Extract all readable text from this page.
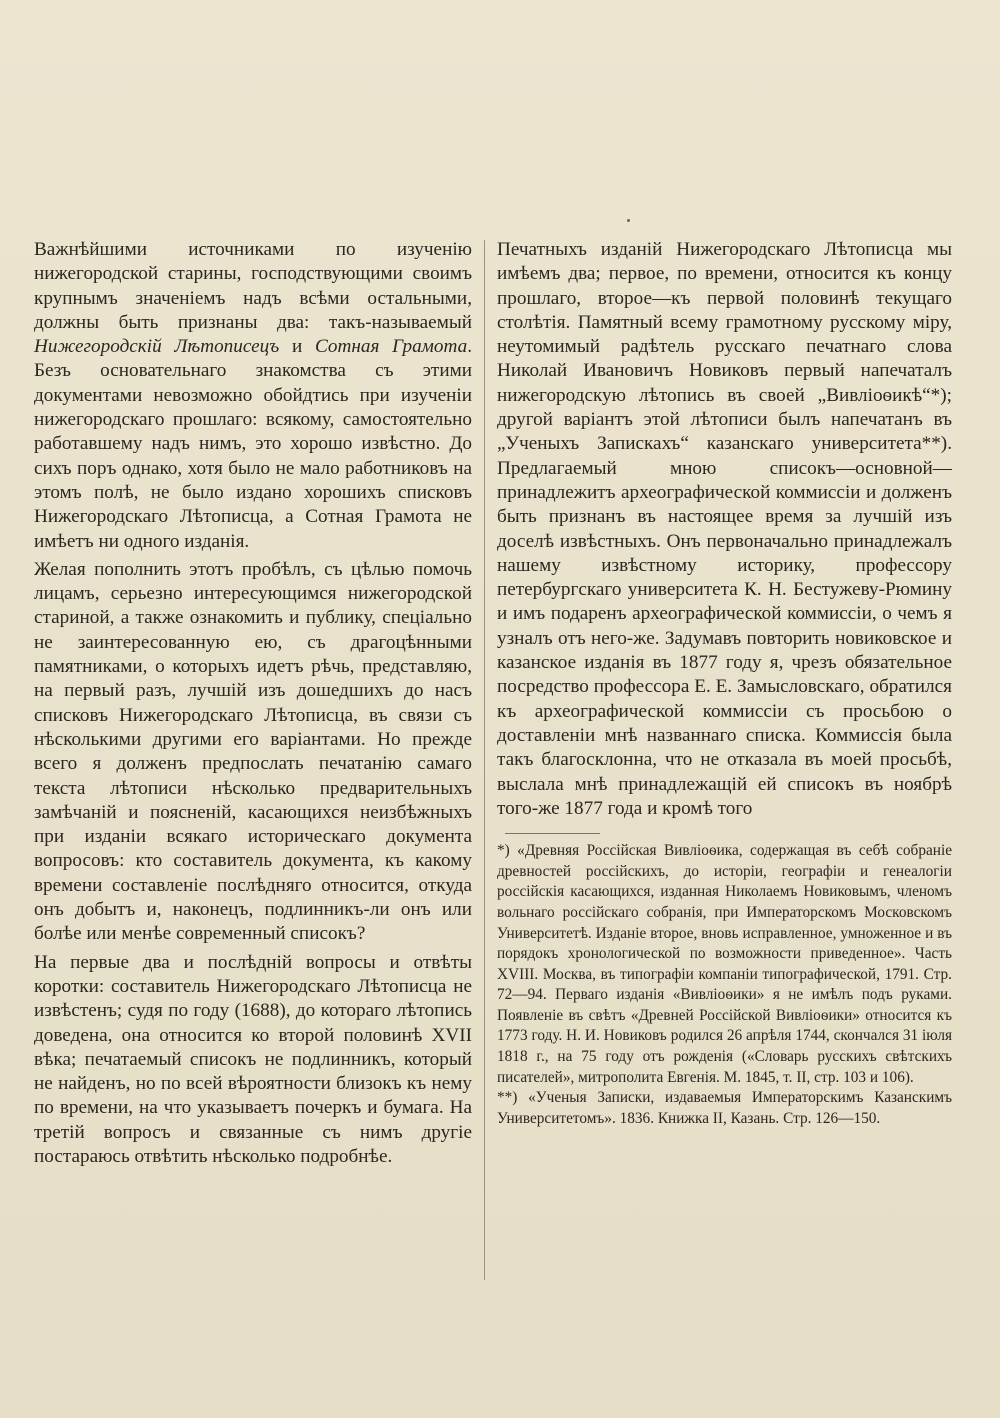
Важнѣйшими источниками по изученію нижегородской старины, господствующими своимъ крупнымъ значеніемъ надъ всѣми остальными, должны быть признаны два: такъ-называемый Нижегородскій Лѣтописецъ и Сотная Грамота. Безъ основательнаго знакомства съ этими документами невозможно обойдтись при изученіи нижегородскаго прошлаго: всякому, самостоятельно работавшему надъ нимъ, это хорошо извѣстно. До сихъ поръ однако, хотя было не мало работниковъ на этомъ полѣ, не было издано хорошихъ списковъ Нижегородскаго Лѣтописца, а Сотная Грамота не имѣетъ ни одного изданія.

Желая пополнить этотъ пробѣлъ, съ цѣлью помочь лицамъ, серьезно интересующимся нижегородской стариной, а также ознакомить и публику, спеціально не заинтересованную ею, съ драгоцѣнными памятниками, о которыхъ идетъ рѣчь, представляю, на первый разъ, лучшій изъ дошедшихъ до насъ списковъ Нижегородскаго Лѣтописца, въ связи съ нѣсколькими другими его варіантами. Но прежде всего я долженъ предпослать печатанію самаго текста лѣтописи нѣсколько предварительныхъ замѣчаній и поясненій, касающихся неизбѣжныхъ при изданіи всякаго историческаго документа вопросовъ: кто составитель документа, къ какому времени составленіе послѣдняго относится, откуда онъ добытъ и, наконецъ, подлинникъ-ли онъ или болѣе или менѣе современный списокъ?

На первые два и послѣдній вопросы и отвѣты коротки: составитель Нижегородскаго Лѣтописца не извѣстенъ; судя по году (1688), до котораго лѣтопись доведена, она относится ко второй половинѣ XVII вѣка; печатаемый списокъ не подлинникъ, который не найденъ, но по всей вѣроятности близокъ къ нему по времени, на что указываетъ почеркъ и бумага. На третій вопросъ и связанные съ нимъ другіе постараюсь отвѣтить нѣсколько подробнѣе.

Печатныхъ изданій Нижегородскаго Лѣтописца мы имѣемъ два; первое, по времени, относится къ концу прошлаго, второе—къ первой половинѣ текущаго столѣтія. Памятный всему грамотному русскому міру, неутомимый радѣтель русскаго печатнаго слова Николай Ивановичъ Новиковъ первый напечаталъ нижегородскую лѣтопись въ своей „Вивліоѳикѣ“*); другой варіантъ этой лѣтописи былъ напечатанъ въ „Ученыхъ Запискахъ“ казанскаго университета**). Предлагаемый мною списокъ—основной—принадлежитъ археографической коммиссіи и долженъ быть признанъ въ настоящее время за лучшій изъ доселѣ извѣстныхъ. Онъ первоначально принадлежалъ нашему извѣстному историку, профессору петербургскаго университета К. Н. Бестужеву-Рюмину и имъ подаренъ археографической коммиссіи, о чемъ я узналъ отъ него-же. Задумавъ повторить новиковское и казанское изданія въ 1877 году я, чрезъ обязательное посредство профессора Е. Е. Замысловскаго, обратился къ археографической коммиссіи съ просьбою о доставленіи мнѣ названнаго списка. Коммиссія была такъ благосклонна, что не отказала въ моей просьбѣ, выслала мнѣ принадлежащій ей списокъ въ ноябрѣ того-же 1877 года и кромѣ того

*) «Древняя Россійская Вивліоѳика, содержащая въ себѣ собраніе древностей россійскихъ, до исторіи, географіи и генеалогіи россійскія касающихся, изданная Николаемъ Новиковымъ, членомъ вольнаго россійскаго собранія, при Императорскомъ Московскомъ Университетѣ. Изданіе второе, вновь исправленное, умноженное и въ порядокъ хронологической по возможности приведенное». Часть XVIII. Москва, въ типографіи компаніи типографической, 1791. Стр. 72—94. Перваго изданія «Вивліоѳики» я не имѣлъ подъ руками. Появленіе въ свѣтъ «Древней Россійской Вивліоѳики» относится къ 1773 году. Н. И. Новиковъ родился 26 апрѣля 1744, скончался 31 іюля 1818 г., на 75 году отъ рожденія («Словарь русскихъ свѣтскихъ писателей», митрополита Евгенія. М. 1845, т. II, стр. 103 и 106).

**) «Ученыя Записки, издаваемыя Императорскимъ Казанскимъ Университетомъ». 1836. Книжка II, Казань. Стр. 126—150.
